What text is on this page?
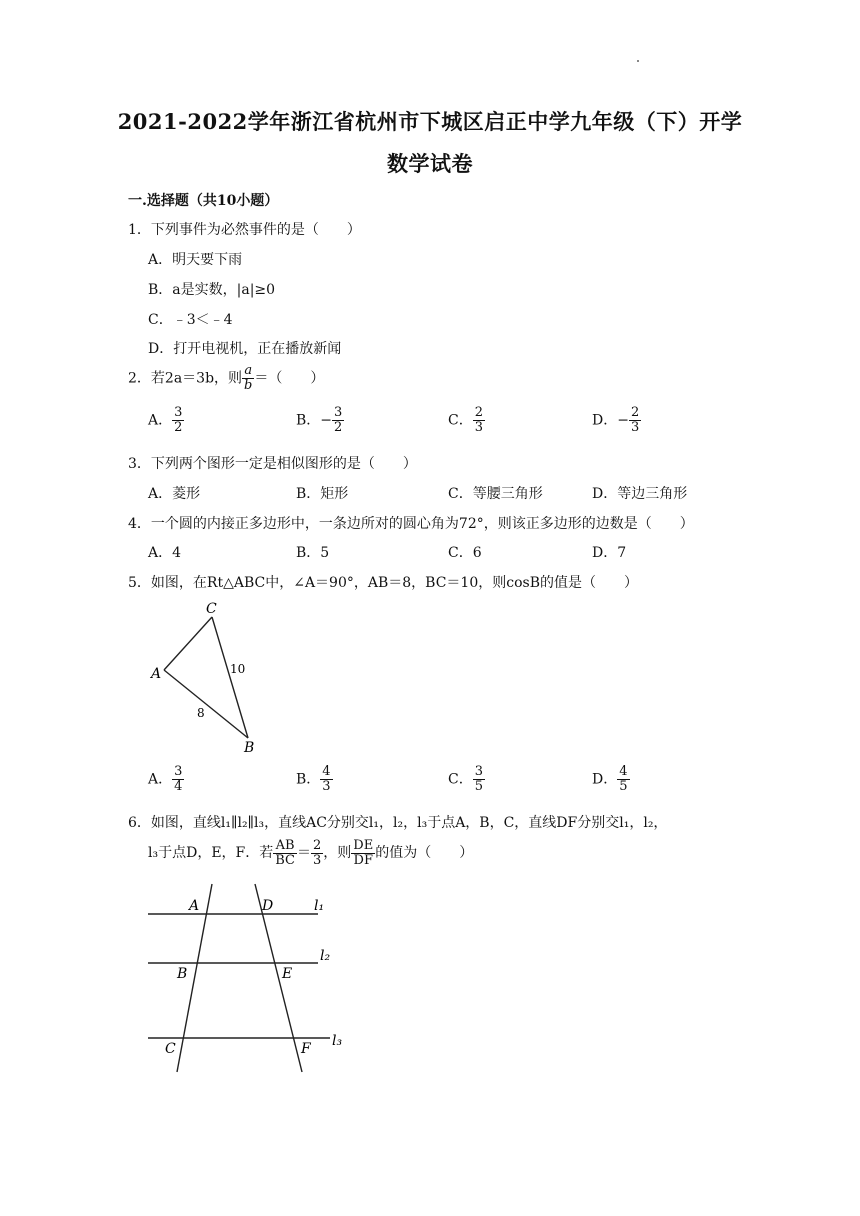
2021-2022学年浙江省杭州市下城区启正中学九年级（下）开学
数学试卷
一.选择题（共10小题）
1．下列事件为必然事件的是（　　）
A．明天要下雨
B．a是实数，|a|≥0
C．﹣3＜﹣4
D．打开电视机，正在播放新闻
2．若2a＝3b，则 $\frac{a}{b}$ ＝（　　）
A． $\frac{3}{2}$	B．− $\frac{3}{2}$	C． $\frac{2}{3}$	D．− $\frac{2}{3}$
3．下列两个图形一定是相似图形的是（　　）
A．菱形	B．矩形	C．等腰三角形	D．等边三角形
4．一个圆的内接正多边形中，一条边所对的圆心角为72°，则该正多边形的边数是（　　）
A．4	B．5	C．6	D．7
5．如图，在Rt△ABC中，∠A＝90°，AB＝8，BC＝10，则cosB的值是（　　）
C
A
B
10
8
A． $\frac{3}{4}$	B． $\frac{4}{3}$	C． $\frac{3}{5}$	D． $\frac{4}{5}$
6．如图，直线l₁∥l₂∥l₃，直线AC分别交l₁，l₂，l₃于点A，B，C，直线DF分别交l₁，l₂，
l₃于点D，E，F．若 $\frac{AB}{BC} = \frac{2}{3}$ ，则 $\frac{DE}{DF}$ 的值为（　　）
A	D
B	E
C	F
l₁
l₂
l₃
